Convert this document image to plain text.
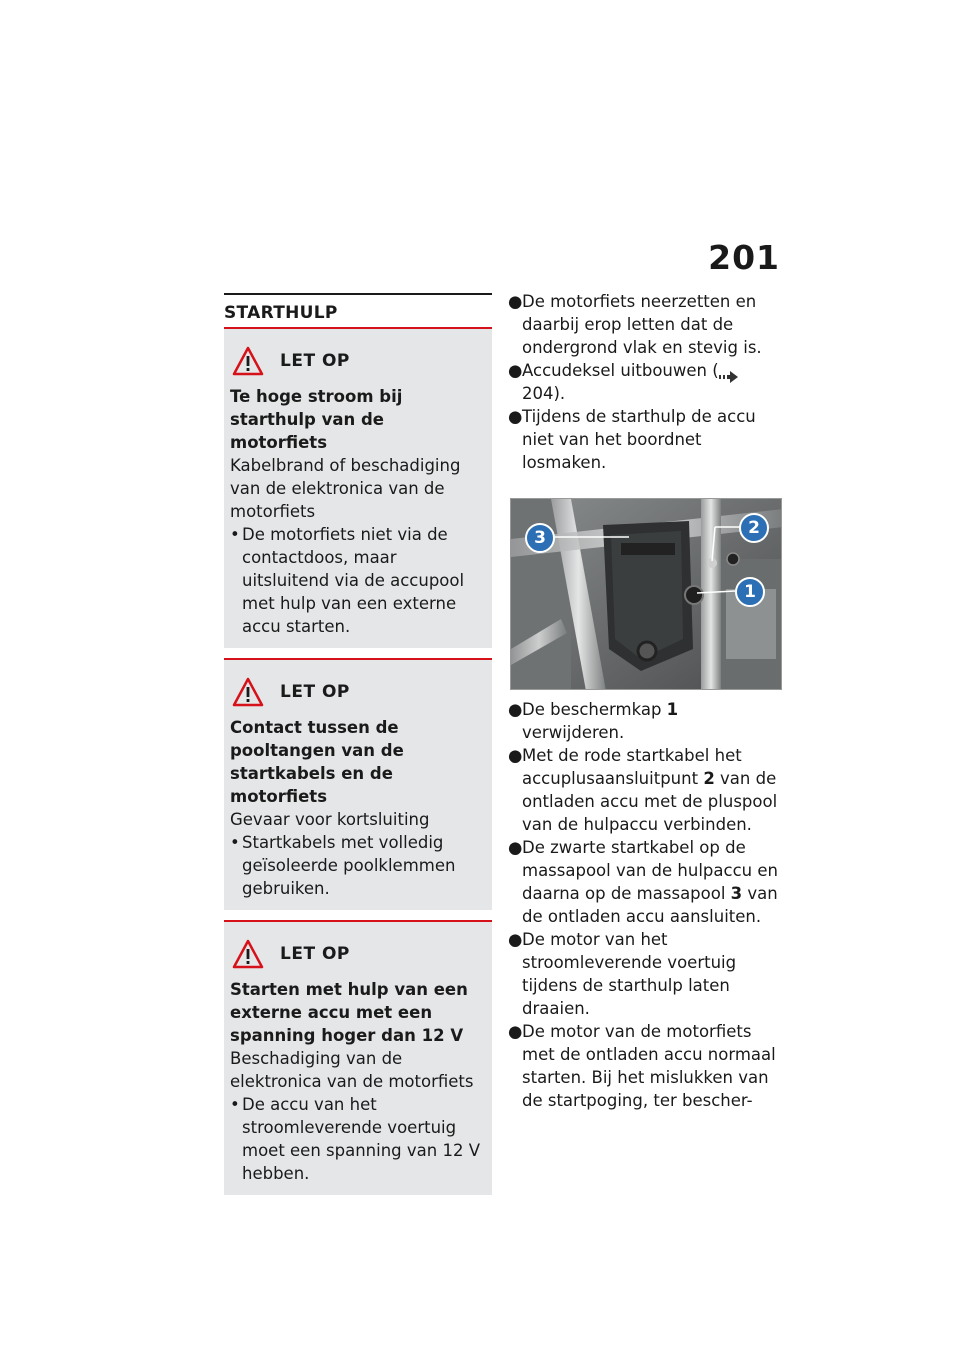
201
STARTHULP
LET OP
Te hoge stroom bij starthulp van de motorfiets
Kabelbrand of beschadiging van de elektronica van de motorfiets
• De motorfiets niet via de contactdoos, maar uitsluitend via de accupool met hulp van een externe accu starten.
LET OP
Contact tussen de pooltangen van de startkabels en de motorfiets
Gevaar voor kortsluiting
• Startkabels met volledig geïsoleerde poolklemmen gebruiken.
LET OP
Starten met hulp van een externe accu met een spanning hoger dan 12 V
Beschadiging van de elektronica van de motorfiets
• De accu van het stroomleverende voertuig moet een spanning van 12 V hebben.
● De motorfiets neerzetten en daarbij erop letten dat de ondergrond vlak en stevig is.
● Accudeksel uitbouwen ( 204).
● Tijdens de starthulp de accu niet van het boordnet losmaken.
3	2
1
● De beschermkap 1 verwijderen.
● Met de rode startkabel het accuplusaansluitpunt 2 van de ontladen accu met de pluspool van de hulpaccu verbinden.
● De zwarte startkabel op de massapool van de hulpaccu en daarna op de massapool 3 van de ontladen accu aansluiten.
● De motor van het stroomleverende voertuig tijdens de starthulp laten draaien.
● De motor van de motorfiets met de ontladen accu normaal starten. Bij het mislukken van de startpoging, ter bescher-
